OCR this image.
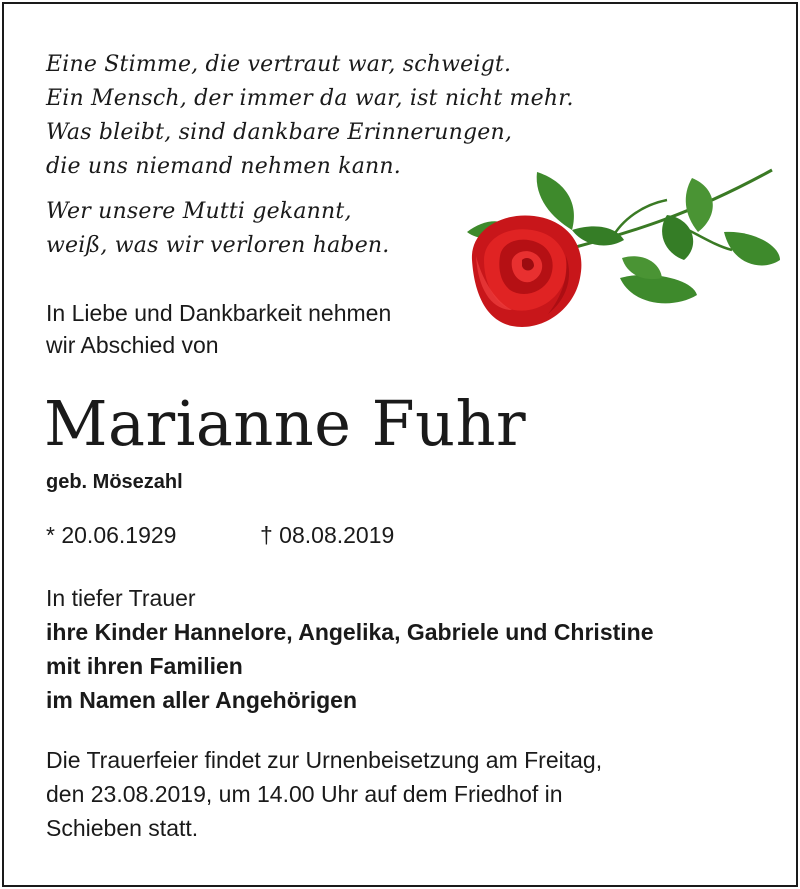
Eine Stimme, die vertraut war, schweigt.
Ein Mensch, der immer da war, ist nicht mehr.
Was bleibt, sind dankbare Erinnerungen,
die uns niemand nehmen kann.
Wer unsere Mutti gekannt,
weiß, was wir verloren haben.
In Liebe und Dankbarkeit nehmen
wir Abschied von
Marianne Fuhr
geb. Mösezahl
* 20.06.1929	† 08.08.2019
In tiefer Trauer
ihre Kinder Hannelore, Angelika, Gabriele und Christine
mit ihren Familien
im Namen aller Angehörigen
Die Trauerfeier findet zur Urnenbeisetzung am Freitag,
den 23.08.2019, um 14.00 Uhr auf dem Friedhof in
Schieben statt.
